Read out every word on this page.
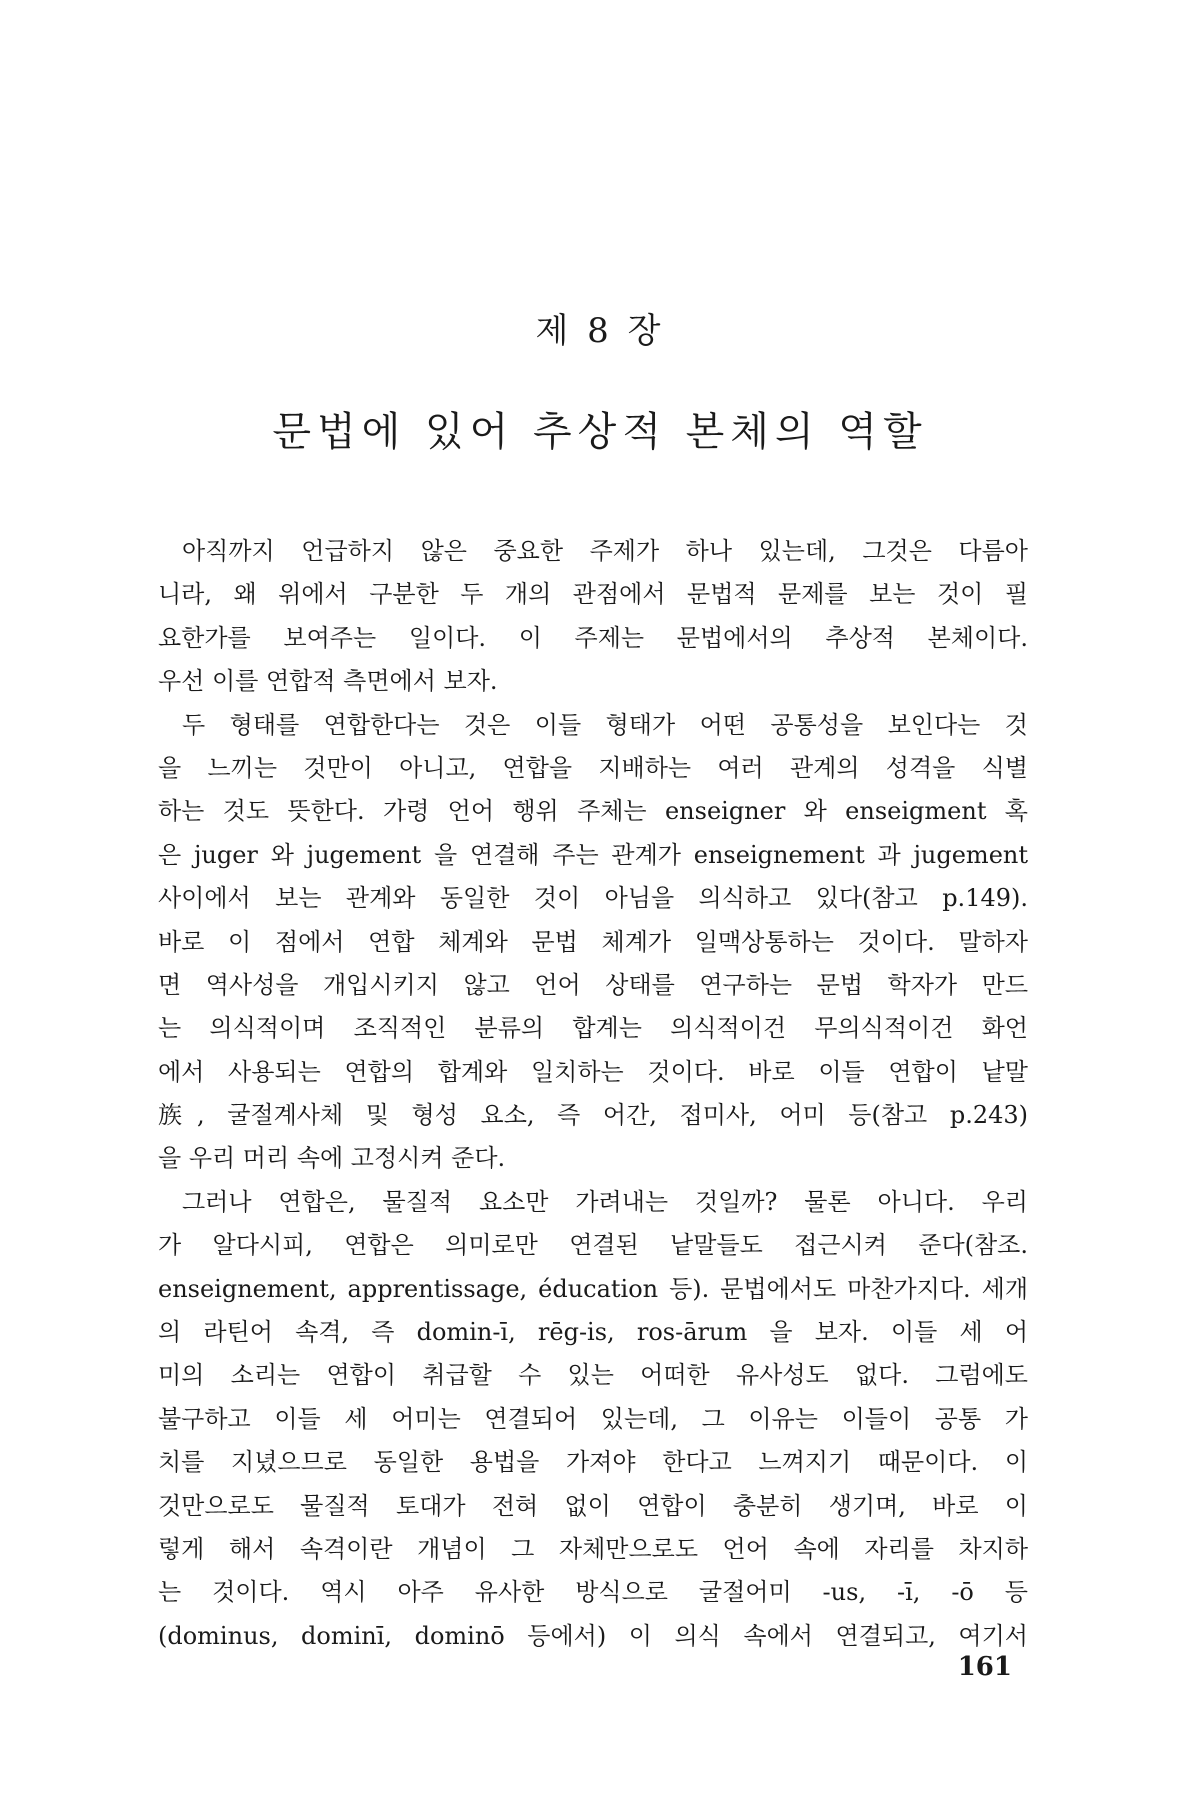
제 8 장
문법에 있어 추상적 본체의 역할
아직까지 언급하지 않은 중요한 주제가 하나 있는데, 그것은 다름아
니라, 왜 위에서 구분한 두 개의 관점에서 문법적 문제를 보는 것이 필
요한가를 보여주는 일이다. 이 주제는 문법에서의 추상적 본체이다.
우선 이를 연합적 측면에서 보자.
두 형태를 연합한다는 것은 이들 형태가 어떤 공통성을 보인다는 것
을 느끼는 것만이 아니고, 연합을 지배하는 여러 관계의 성격을 식별
하는 것도 뜻한다. 가령 언어 행위 주체는 enseigner 와 enseigment 혹
은 juger 와 jugement 을 연결해 주는 관계가 enseignement 과 jugement
사이에서 보는 관계와 동일한 것이 아님을 의식하고 있다(참고 p.149).
바로 이 점에서 연합 체계와 문법 체계가 일맥상통하는 것이다. 말하자
면 역사성을 개입시키지 않고 언어 상태를 연구하는 문법 학자가 만드
는 의식적이며 조직적인 분류의 합계는 의식적이건 무의식적이건 화언
에서 사용되는 연합의 합계와 일치하는 것이다. 바로 이들 연합이 낱말
族, 굴절계사체 및 형성 요소, 즉 어간, 접미사, 어미 등(참고 p.243)
을 우리 머리 속에 고정시켜 준다.
그러나 연합은, 물질적 요소만 가려내는 것일까? 물론 아니다. 우리
가 알다시피, 연합은 의미로만 연결된 낱말들도 접근시켜 준다(참조.
enseignement, apprentissage, éducation 등). 문법에서도 마찬가지다. 세개
의 라틴어 속격, 즉 domin-ī, rēg-is, ros-ārum 을 보자. 이들 세 어
미의 소리는 연합이 취급할 수 있는 어떠한 유사성도 없다. 그럼에도
불구하고 이들 세 어미는 연결되어 있는데, 그 이유는 이들이 공통 가
치를 지녔으므로 동일한 용법을 가져야 한다고 느껴지기 때문이다. 이
것만으로도 물질적 토대가 전혀 없이 연합이 충분히 생기며, 바로 이
렇게 해서 속격이란 개념이 그 자체만으로도 언어 속에 자리를 차지하
는 것이다. 역시 아주 유사한 방식으로 굴절어미 -us, -ī, -ō 등
(dominus, dominī, dominō 등에서) 이 의식 속에서 연결되고, 여기서
161
